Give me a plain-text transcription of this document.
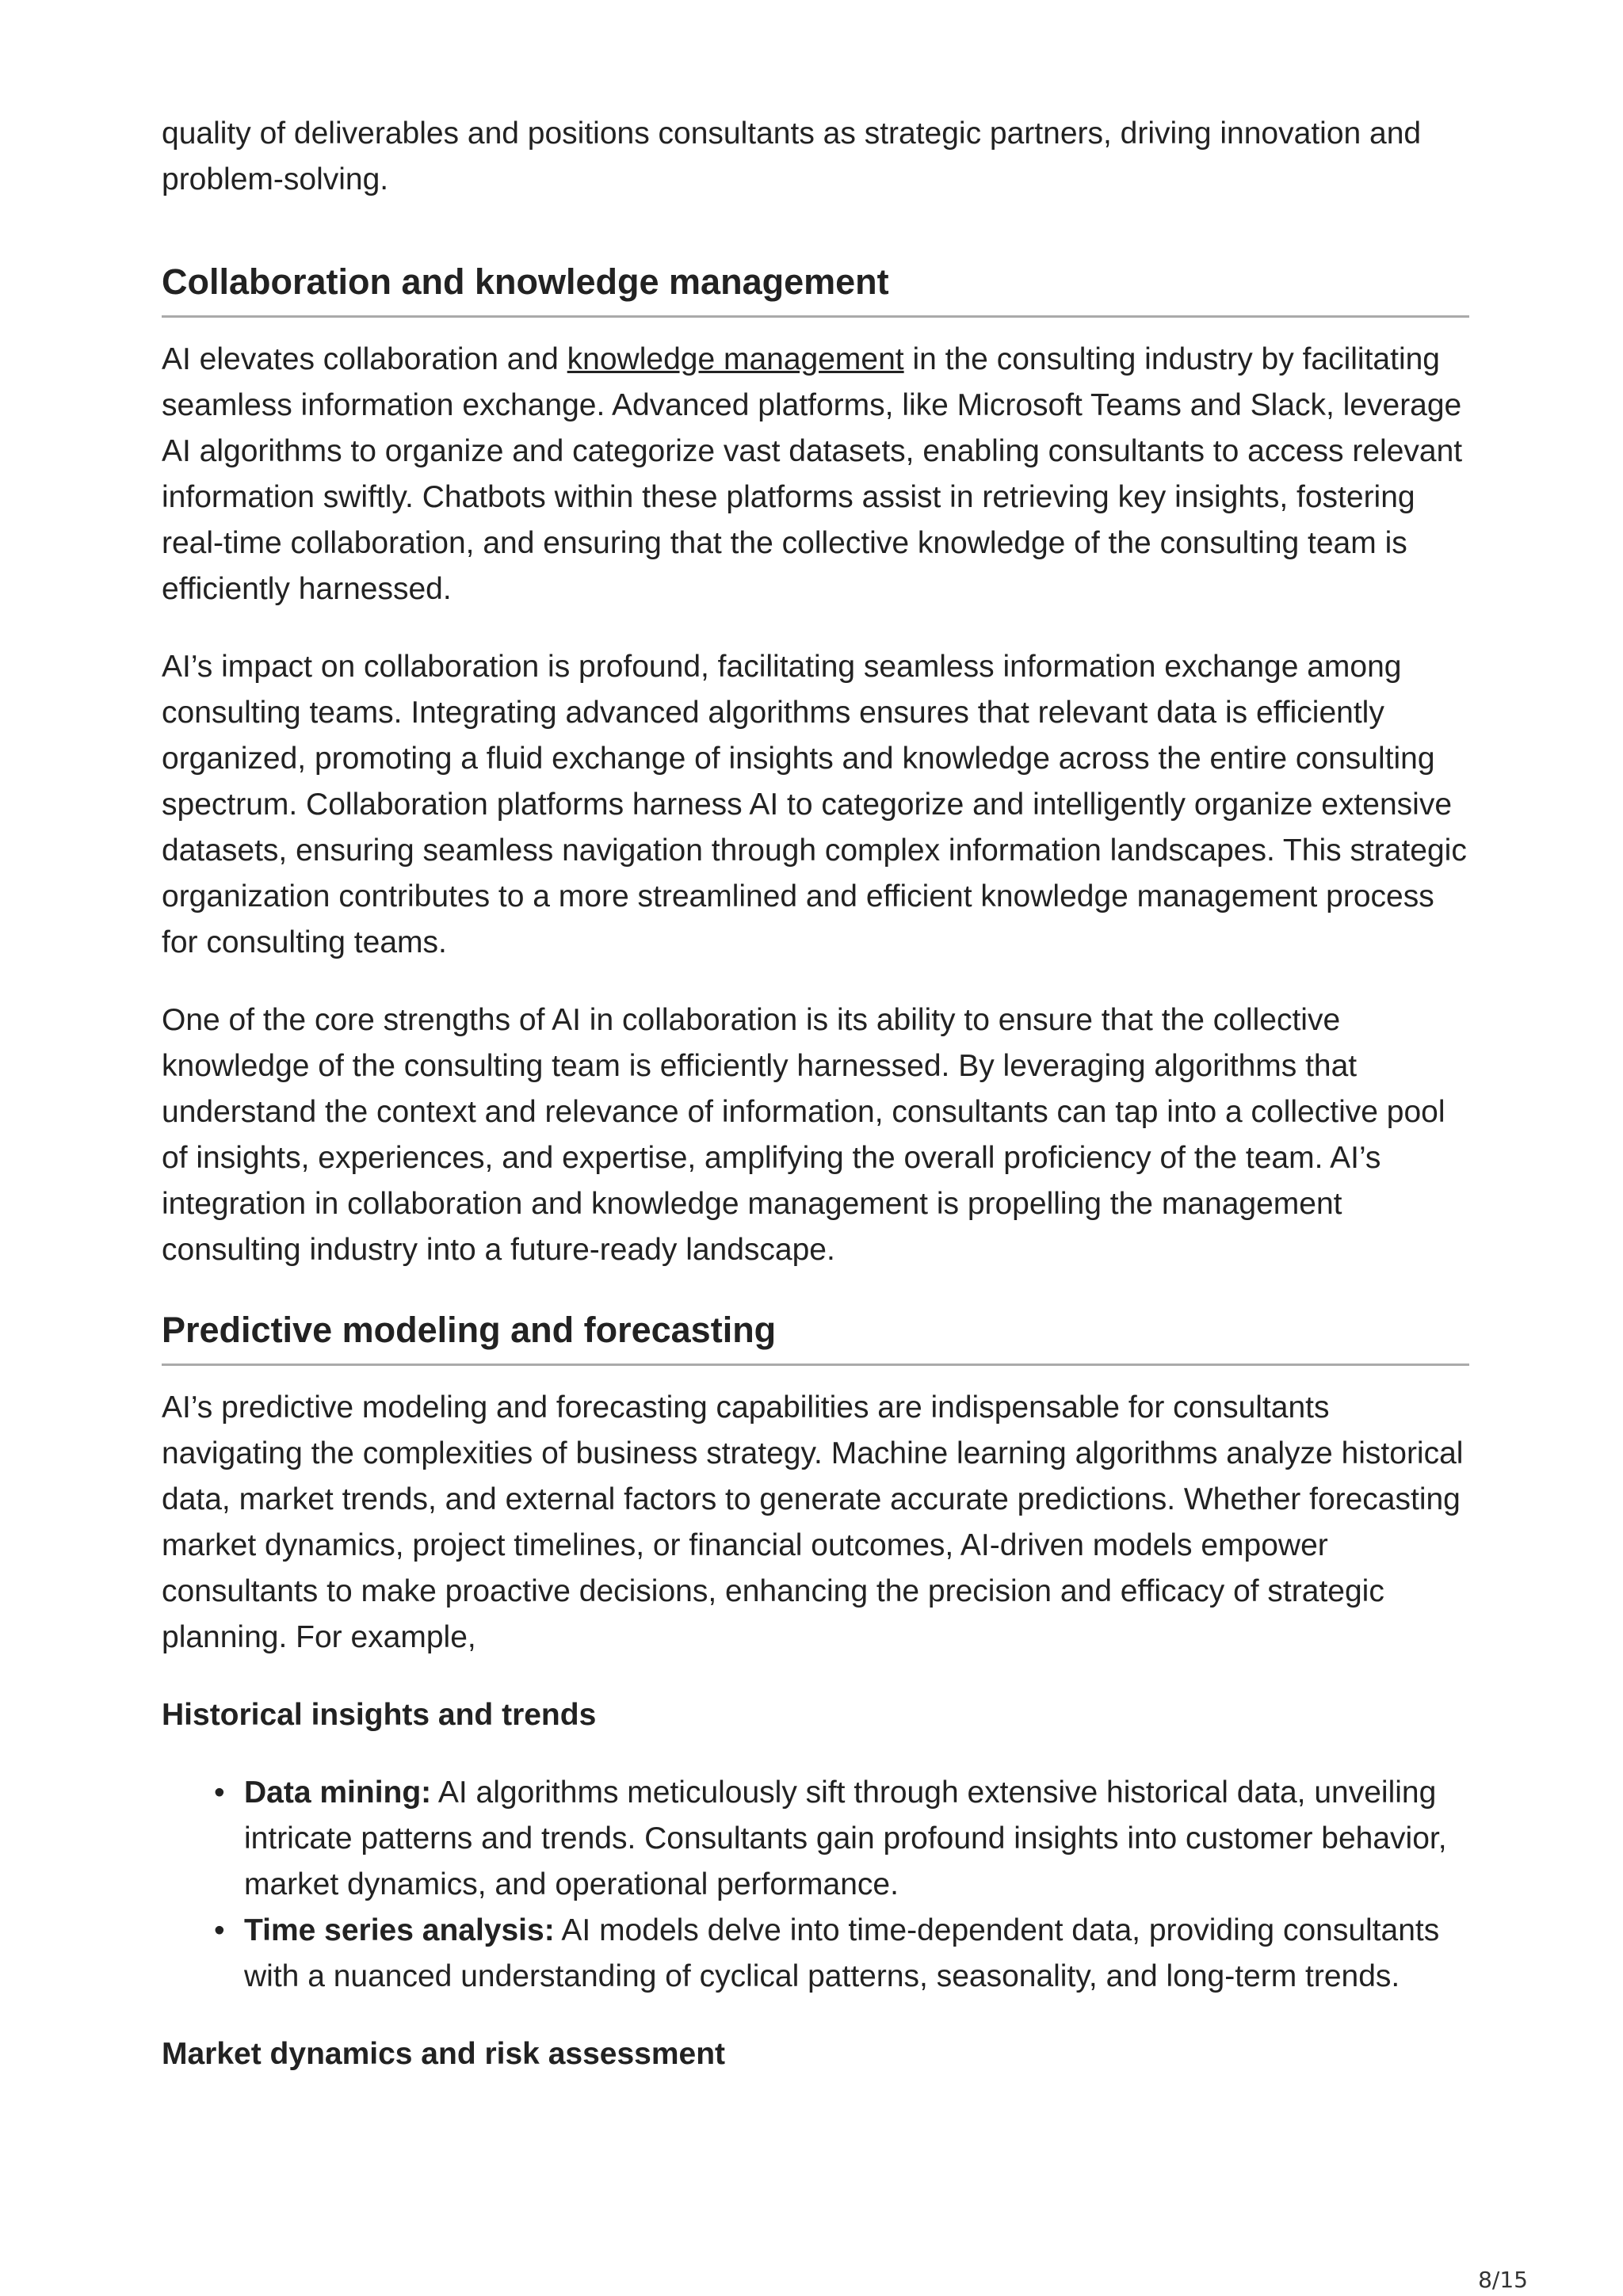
quality of deliverables and positions consultants as strategic partners, driving innovation and problem-solving.

Collaboration and knowledge management

AI elevates collaboration and knowledge management in the consulting industry by facilitating seamless information exchange. Advanced platforms, like Microsoft Teams and Slack, leverage AI algorithms to organize and categorize vast datasets, enabling consultants to access relevant information swiftly. Chatbots within these platforms assist in retrieving key insights, fostering real-time collaboration, and ensuring that the collective knowledge of the consulting team is efficiently harnessed.

AI’s impact on collaboration is profound, facilitating seamless information exchange among consulting teams. Integrating advanced algorithms ensures that relevant data is efficiently organized, promoting a fluid exchange of insights and knowledge across the entire consulting spectrum. Collaboration platforms harness AI to categorize and intelligently organize extensive datasets, ensuring seamless navigation through complex information landscapes. This strategic organization contributes to a more streamlined and efficient knowledge management process for consulting teams.

One of the core strengths of AI in collaboration is its ability to ensure that the collective knowledge of the consulting team is efficiently harnessed. By leveraging algorithms that understand the context and relevance of information, consultants can tap into a collective pool of insights, experiences, and expertise, amplifying the overall proficiency of the team. AI’s integration in collaboration and knowledge management is propelling the management consulting industry into a future-ready landscape.

Predictive modeling and forecasting

AI’s predictive modeling and forecasting capabilities are indispensable for consultants navigating the complexities of business strategy. Machine learning algorithms analyze historical data, market trends, and external factors to generate accurate predictions. Whether forecasting market dynamics, project timelines, or financial outcomes, AI-driven models empower consultants to make proactive decisions, enhancing the precision and efficacy of strategic planning. For example,

Historical insights and trends
• Data mining: AI algorithms meticulously sift through extensive historical data, unveiling intricate patterns and trends. Consultants gain profound insights into customer behavior, market dynamics, and operational performance.
• Time series analysis: AI models delve into time-dependent data, providing consultants with a nuanced understanding of cyclical patterns, seasonality, and long-term trends.
Market dynamics and risk assessment
8/15
